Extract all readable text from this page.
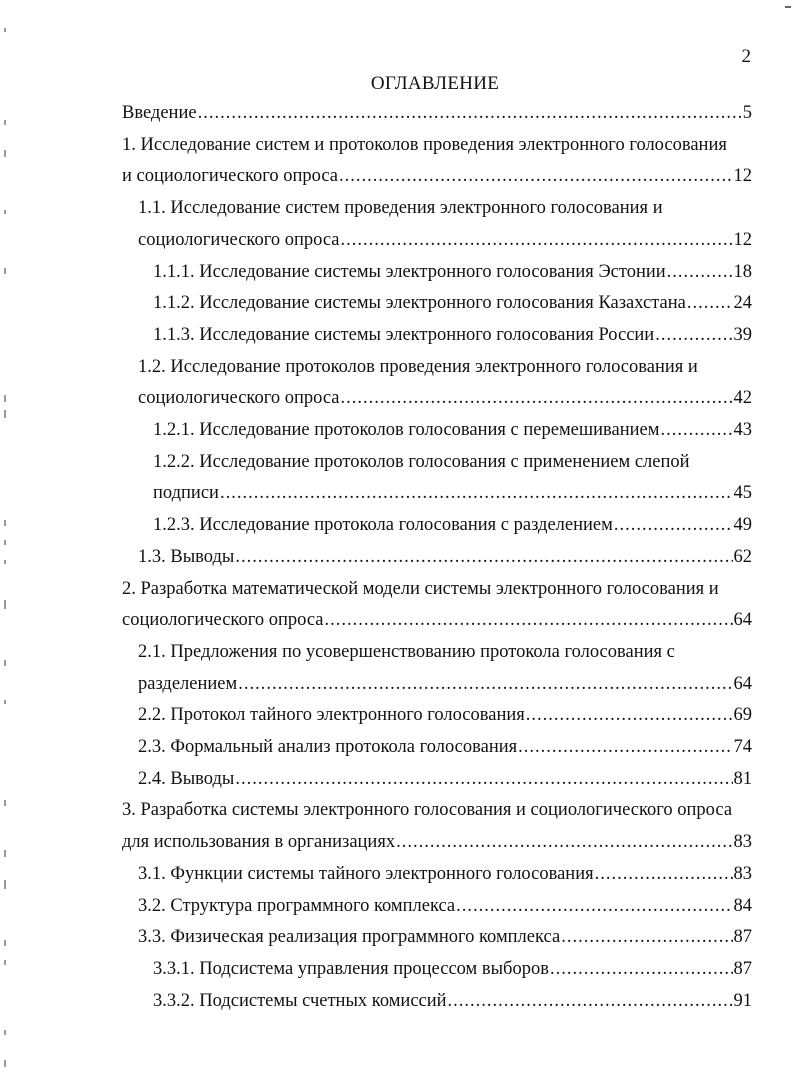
2
ОГЛАВЛЕНИЕ
Введение .....	5
1. Исследование систем и протоколов проведения электронного голосования
и социологического опроса .....	12
1.1. Исследование систем проведения электронного голосования и
социологического опроса .....	12
1.1.1. Исследование системы электронного голосования Эстонии .....	18
1.1.2. Исследование системы электронного голосования Казахстана .....	24
1.1.3. Исследование системы электронного голосования России .....	39
1.2. Исследование протоколов проведения электронного голосования и
социологического опроса .....	42
1.2.1. Исследование протоколов голосования с перемешиванием .....	43
1.2.2. Исследование протоколов голосования с применением слепой
подписи .....	45
1.2.3. Исследование протокола голосования с разделением .....	49
1.3. Выводы .....	62
2. Разработка математической модели системы электронного голосования и
социологического опроса .....	64
2.1. Предложения по усовершенствованию протокола голосования с
разделением .....	64
2.2. Протокол тайного электронного голосования .....	69
2.3. Формальный анализ протокола голосования .....	74
2.4. Выводы .....	81
3. Разработка системы электронного голосования и социологического опроса
для использования в организациях .....	83
3.1. Функции системы тайного электронного голосования .....	83
3.2. Структура программного комплекса .....	84
3.3. Физическая реализация программного комплекса .....	87
3.3.1. Подсистема управления процессом выборов .....	87
3.3.2. Подсистемы счетных комиссий .....	91
